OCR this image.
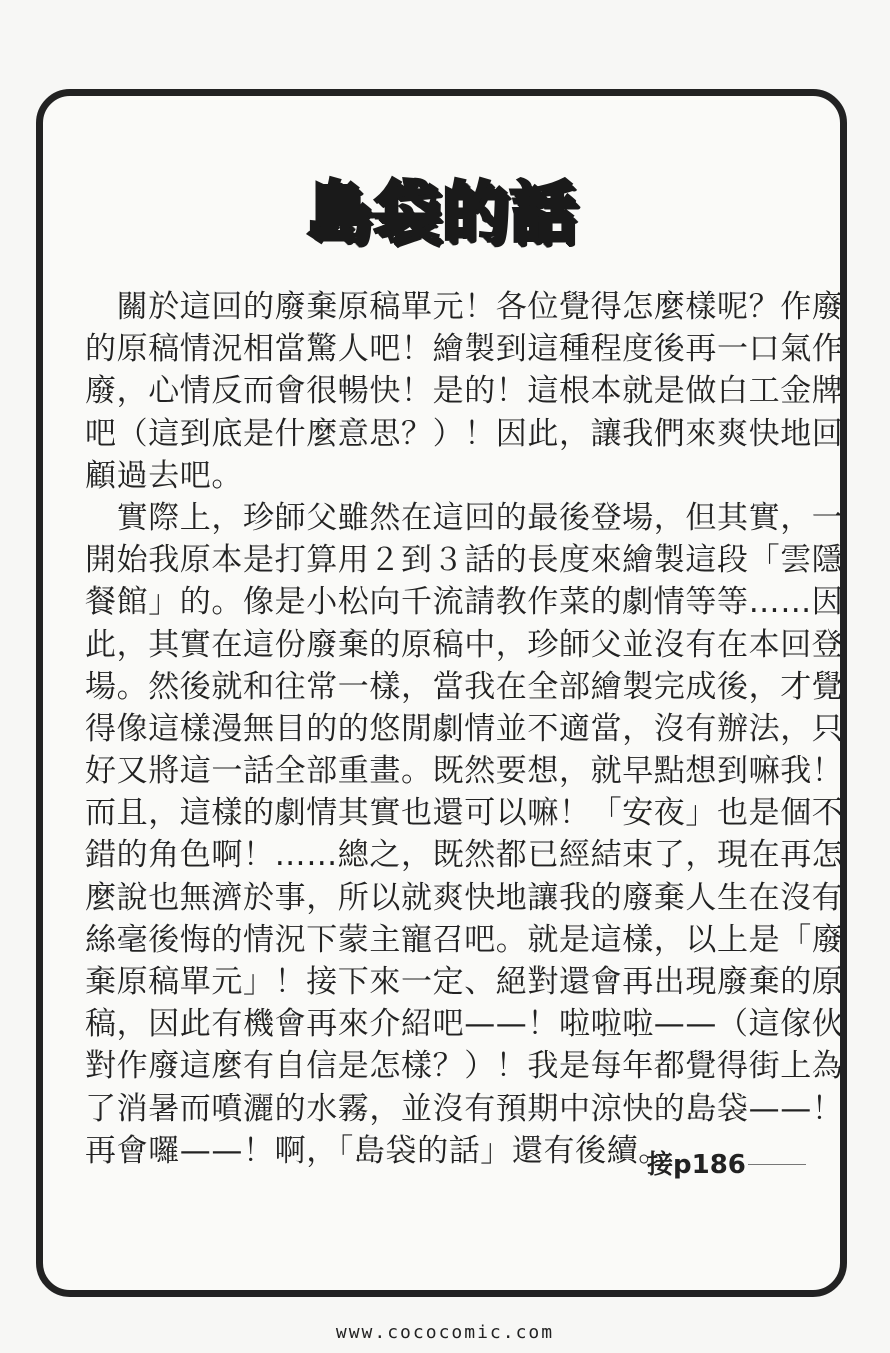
島袋的話
　關於這回的廢棄原稿單元！各位覺得怎麼樣呢？作廢
的原稿情況相當驚人吧！繪製到這種程度後再一口氣作
廢，心情反而會很暢快！是的！這根本就是做白工金牌
吧（這到底是什麼意思？）！因此，讓我們來爽快地回
顧過去吧。
　實際上，珍師父雖然在這回的最後登場，但其實，一
開始我原本是打算用２到３話的長度來繪製這段「雲隱
餐館」的。像是小松向千流請教作菜的劇情等等……因
此，其實在這份廢棄的原稿中，珍師父並沒有在本回登
場。然後就和往常一樣，當我在全部繪製完成後，才覺
得像這樣漫無目的的悠閒劇情並不適當，沒有辦法，只
好又將這一話全部重畫。既然要想，就早點想到嘛我！
而且，這樣的劇情其實也還可以嘛！「安夜」也是個不
錯的角色啊！……總之，既然都已經結束了，現在再怎
麼說也無濟於事，所以就爽快地讓我的廢棄人生在沒有
絲毫後悔的情況下蒙主寵召吧。就是這樣，以上是「廢
棄原稿單元」！接下來一定、絕對還會再出現廢棄的原
稿，因此有機會再來介紹吧——！啦啦啦——（這傢伙
對作廢這麼有自信是怎樣？）！我是每年都覺得街上為
了消暑而噴灑的水霧，並沒有預期中涼快的島袋——！
再會囉——！啊，「島袋的話」還有後續。
接p186
www.cococomic.com
